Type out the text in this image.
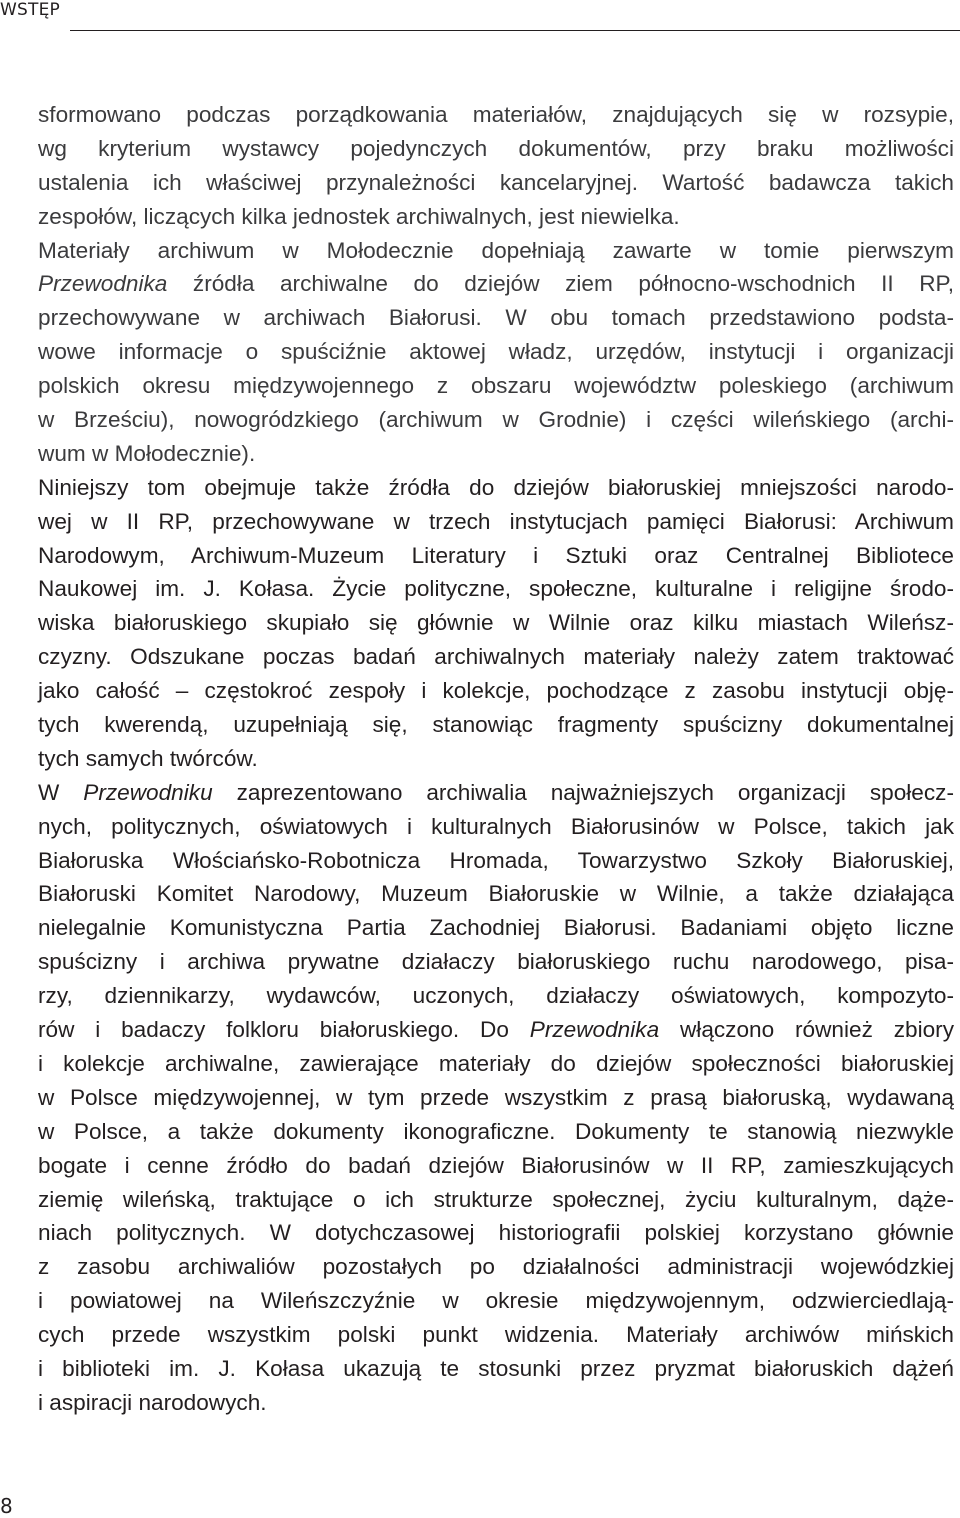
WSTĘP
sformowano podczas porządkowania materiałów, znajdujących się w rozsypie,
wg kryterium wystawcy pojedynczych dokumentów, przy braku możliwości
ustalenia ich właściwej przynależności kancelaryjnej. Wartość badawcza takich
zespołów, liczących kilka jednostek archiwalnych, jest niewielka.
Materiały archiwum w Mołodecznie dopełniają zawarte w tomie pierwszym
Przewodnika źródła archiwalne do dziejów ziem północno-wschodnich II RP,
przechowywane w archiwach Białorusi. W obu tomach przedstawiono podsta-
wowe informacje o spuściźnie aktowej władz, urzędów, instytucji i organizacji
polskich okresu międzywojennego z obszaru województw poleskiego (archiwum
w Brześciu), nowogródzkiego (archiwum w Grodnie) i części wileńskiego (archi-
wum w Mołodecznie).
Niniejszy tom obejmuje także źródła do dziejów białoruskiej mniejszości narodo-
wej w II RP, przechowywane w trzech instytucjach pamięci Białorusi: Archiwum
Narodowym, Archiwum-Muzeum Literatury i Sztuki oraz Centralnej Bibliotece
Naukowej im. J. Kołasa. Życie polityczne, społeczne, kulturalne i religijne środo-
wiska białoruskiego skupiało się głównie w Wilnie oraz kilku miastach Wileńsz-
czyzny. Odszukane poczas badań archiwalnych materiały należy zatem traktować
jako całość – częstokroć zespoły i kolekcje, pochodzące z zasobu instytucji obję-
tych kwerendą, uzupełniają się, stanowiąc fragmenty spuścizny dokumentalnej
tych samych twórców.
W Przewodniku zaprezentowano archiwalia najważniejszych organizacji społecz-
nych, politycznych, oświatowych i kulturalnych Białorusinów w Polsce, takich jak
Białoruska Włościańsko-Robotnicza Hromada, Towarzystwo Szkoły Białoruskiej,
Białoruski Komitet Narodowy, Muzeum Białoruskie w Wilnie, a także działająca
nielegalnie Komunistyczna Partia Zachodniej Białorusi. Badaniami objęto liczne
spuścizny i archiwa prywatne działaczy białoruskiego ruchu narodowego, pisa-
rzy, dziennikarzy, wydawców, uczonych, działaczy oświatowych, kompozyto-
rów i badaczy folkloru białoruskiego. Do Przewodnika włączono również zbiory
i kolekcje archiwalne, zawierające materiały do dziejów społeczności białoruskiej
w Polsce międzywojennej, w tym przede wszystkim z prasą białoruską, wydawaną
w Polsce, a także dokumenty ikonograficzne. Dokumenty te stanowią niezwykle
bogate i cenne źródło do badań dziejów Białorusinów w II RP, zamieszkujących
ziemię wileńską, traktujące o ich strukturze społecznej, życiu kulturalnym, dąże-
niach politycznych. W dotychczasowej historiografii polskiej korzystano głównie
z zasobu archiwaliów pozostałych po działalności administracji wojewódzkiej
i powiatowej na Wileńszczyźnie w okresie międzywojennym, odzwierciedlają-
cych przede wszystkim polski punkt widzenia. Materiały archiwów mińskich
i biblioteki im. J. Kołasa ukazują te stosunki przez pryzmat białoruskich dążeń
i aspiracji narodowych.
8
